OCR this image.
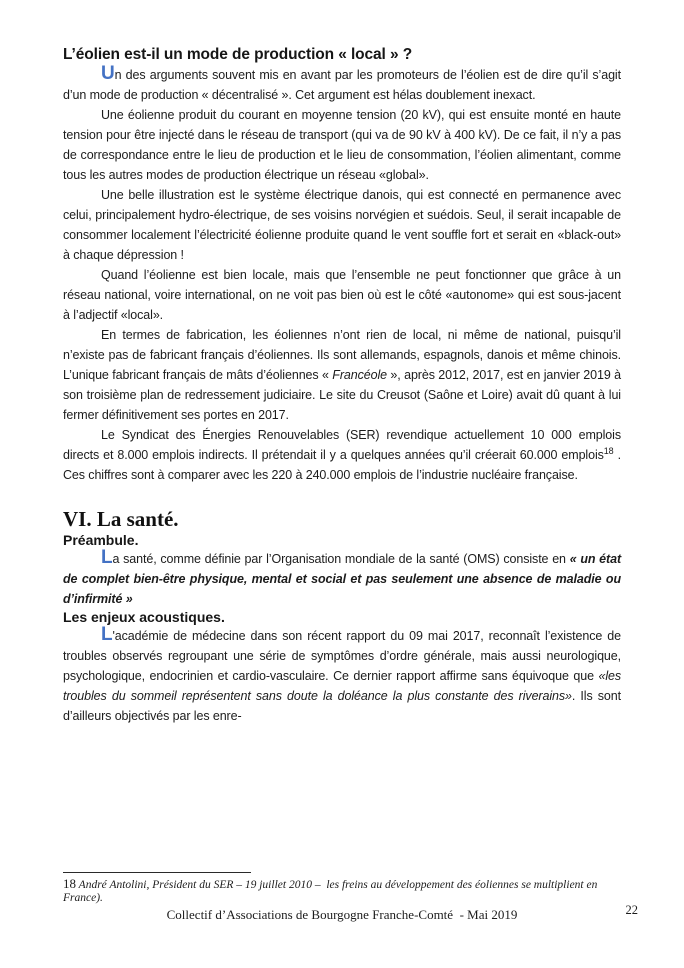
L’éolien est-il un mode de production « local » ?

Un des arguments souvent mis en avant par les promoteurs de l’éolien est de dire qu’il s’agit d’un mode de production « décentralisé ». Cet argument est hélas doublement inexact.

Une éolienne produit du courant en moyenne tension (20 kV), qui est ensuite monté en haute tension pour être injecté dans le réseau de transport (qui va de 90 kV à 400 kV). De ce fait, il n’y a pas de correspondance entre le lieu de production et le lieu de consommation, l’éolien alimentant, comme tous les autres modes de production électrique un réseau «global».

Une belle illustration est le système électrique danois, qui est connecté en permanence avec celui, principalement hydro-électrique, de ses voisins norvégien et suédois. Seul, il serait incapable de consommer localement l’électricité éolienne produite quand le vent souffle fort et serait en «black-out» à chaque dépression !

Quand l’éolienne est bien locale, mais que l’ensemble ne peut fonctionner que grâce à un réseau national, voire international, on ne voit pas bien où est le côté «autonome» qui est sous-jacent à l’adjectif «local».

En termes de fabrication, les éoliennes n’ont rien de local, ni même de national, puisqu’il n’existe pas de fabricant français d’éoliennes. Ils sont allemands, espagnols, danois et même chinois. L’unique fabricant français de mâts d’éoliennes « Francéole », après 2012, 2017, est en janvier 2019 à son troisième plan de redressement judiciaire. Le site du Creusot (Saône et Loire) avait dû quant à lui fermer définitivement ses portes en 2017.

Le Syndicat des Énergies Renouvelables (SER) revendique actuellement 10 000 emplois directs et 8.000 emplois indirects. Il prétendait il y a quelques années qu’il créerait 60.000 emplois$^{18}$ . Ces chiffres sont à comparer avec les 220 à 240.000 emplois de l’industrie nucléaire française.

VI. La santé.
Préambule.

La santé, comme définie par l’Organisation mondiale de la santé (OMS) consiste en « un état de complet bien-être physique, mental et social et pas seulement une absence de maladie ou d’infirmité »

Les enjeux acoustiques.

L'académie de médecine dans son récent rapport du 09 mai 2017, reconnaît l’existence de troubles observés regroupant une série de symptômes d’ordre générale, mais aussi neurologique, psychologique, endocrinien et cardio-vasculaire. Ce dernier rapport affirme sans équivoque que «les troubles du sommeil représentent sans doute la doléance la plus constante des riverains». Ils sont d’ailleurs objectivés par les enre-

18 André Antolini, Président du SER – 19 juillet 2010 –  les freins au développement des éoliennes se multiplient en France).
Collectif d’Associations de Bourgogne Franche-Comté  - Mai 2019	22
